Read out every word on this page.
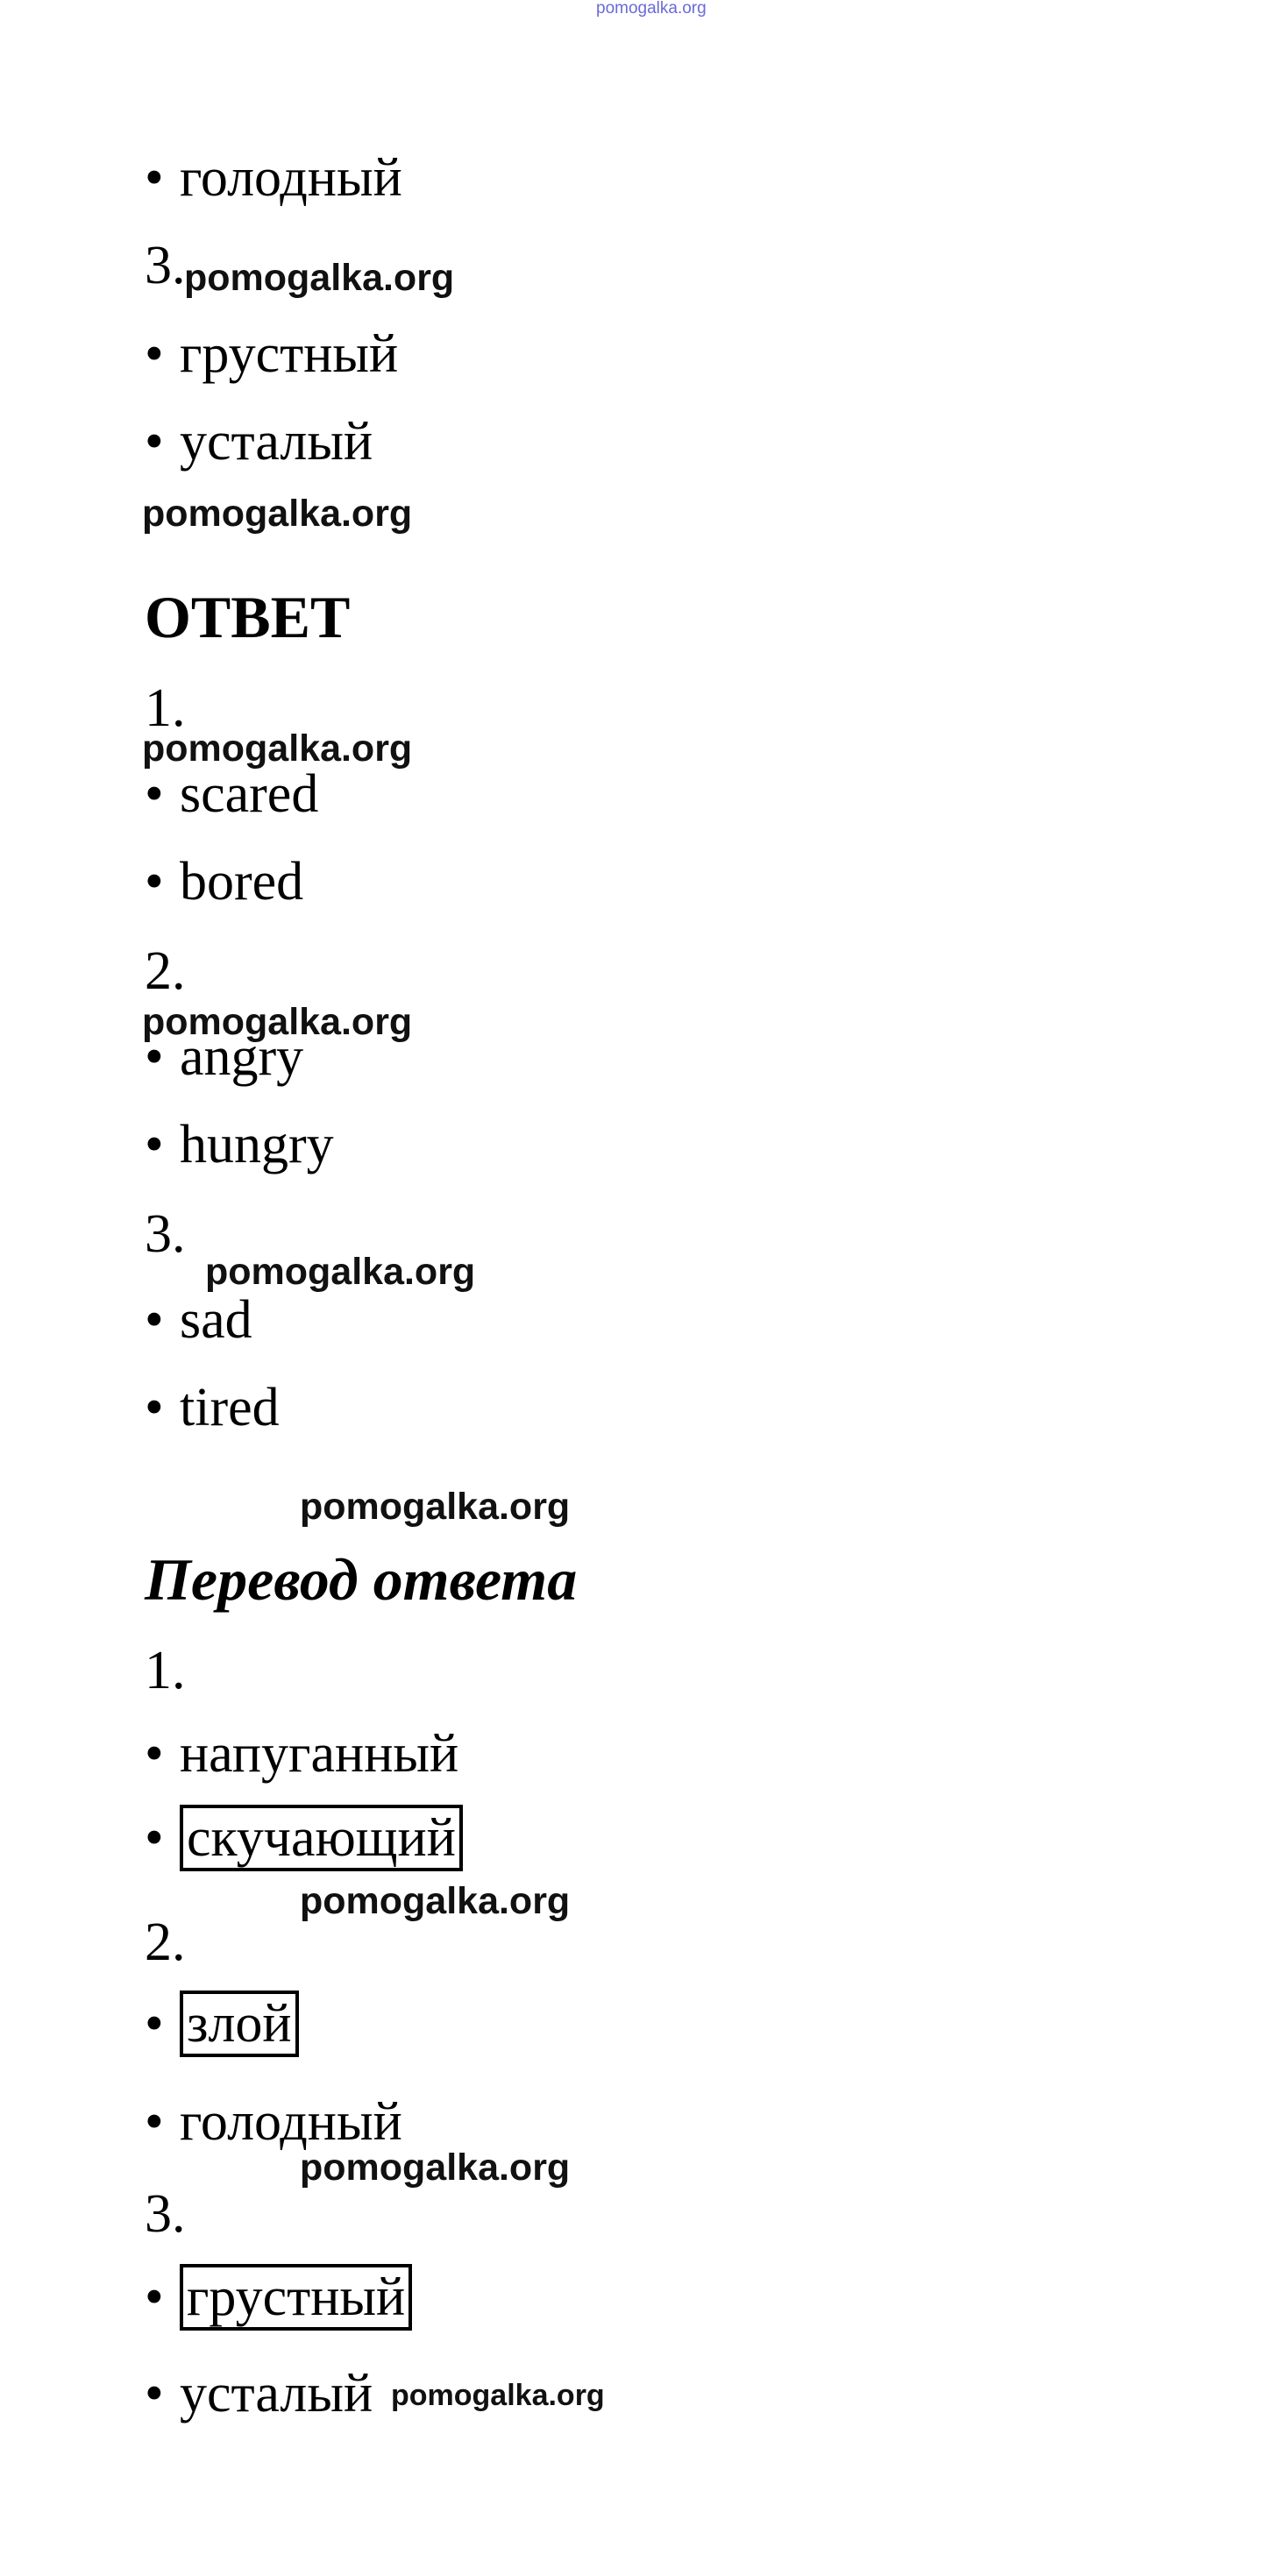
pomogalka.org
• голодный
3.
pomogalka.org
• грустный
• усталый
pomogalka.org
ОТВЕТ
1.
pomogalka.org
• scared
• bored
2.
• angry
pomogalka.org
• hungry
3.
pomogalka.org
• sad
• tired
pomogalka.org
Перевод ответа
1.
• напуганный
• скучающий
pomogalka.org
2.
• злой
• голодный
pomogalka.org
3.
• грустный
• усталый pomogalka.org
